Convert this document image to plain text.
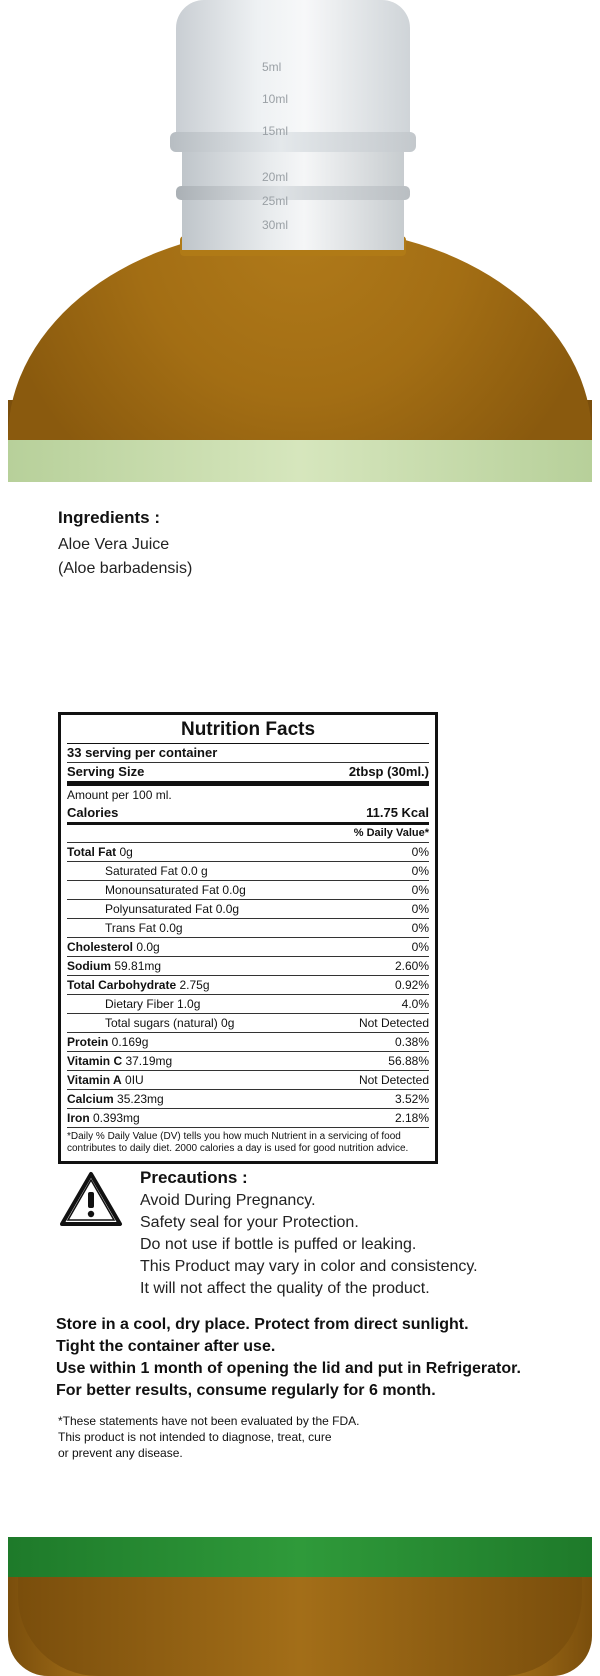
5ml
10ml
15ml
20ml
25ml
30ml
Ingredients :
Aloe Vera Juice
(Aloe barbadensis)
Nutrition Facts
33 serving per container
Serving Size	2tbsp (30ml.)
Amount per 100 ml.
Calories	11.75 Kcal
% Daily Value*
Total Fat 0g	0%
Saturated Fat 0.0 g	0%
Monounsaturated Fat 0.0g	0%
Polyunsaturated Fat 0.0g	0%
Trans Fat 0.0g	0%
Cholesterol 0.0g	0%
Sodium 59.81mg	2.60%
Total Carbohydrate 2.75g	0.92%
Dietary Fiber 1.0g	4.0%
Total sugars (natural) 0g	Not Detected
Protein 0.169g	0.38%
Vitamin C 37.19mg	56.88%
Vitamin A 0IU	Not Detected
Calcium 35.23mg	3.52%
Iron 0.393mg	2.18%
*Daily % Daily Value (DV) tells you how much Nutrient in a servicing of food contributes to daily diet. 2000 calories a day is used for good nutrition advice.
Precautions :
Avoid During Pregnancy.
Safety seal for your Protection.
Do not use if bottle is puffed or leaking.
This Product may vary in color and consistency.
It will not affect the quality of the product.
Store in a cool, dry place. Protect from direct sunlight.
Tight the container after use.
Use within 1 month of opening the lid and put in Refrigerator.
For better results, consume regularly for 6 month.
*These statements have not been evaluated by the FDA.
This product is not intended to diagnose, treat, cure
or prevent any disease.
